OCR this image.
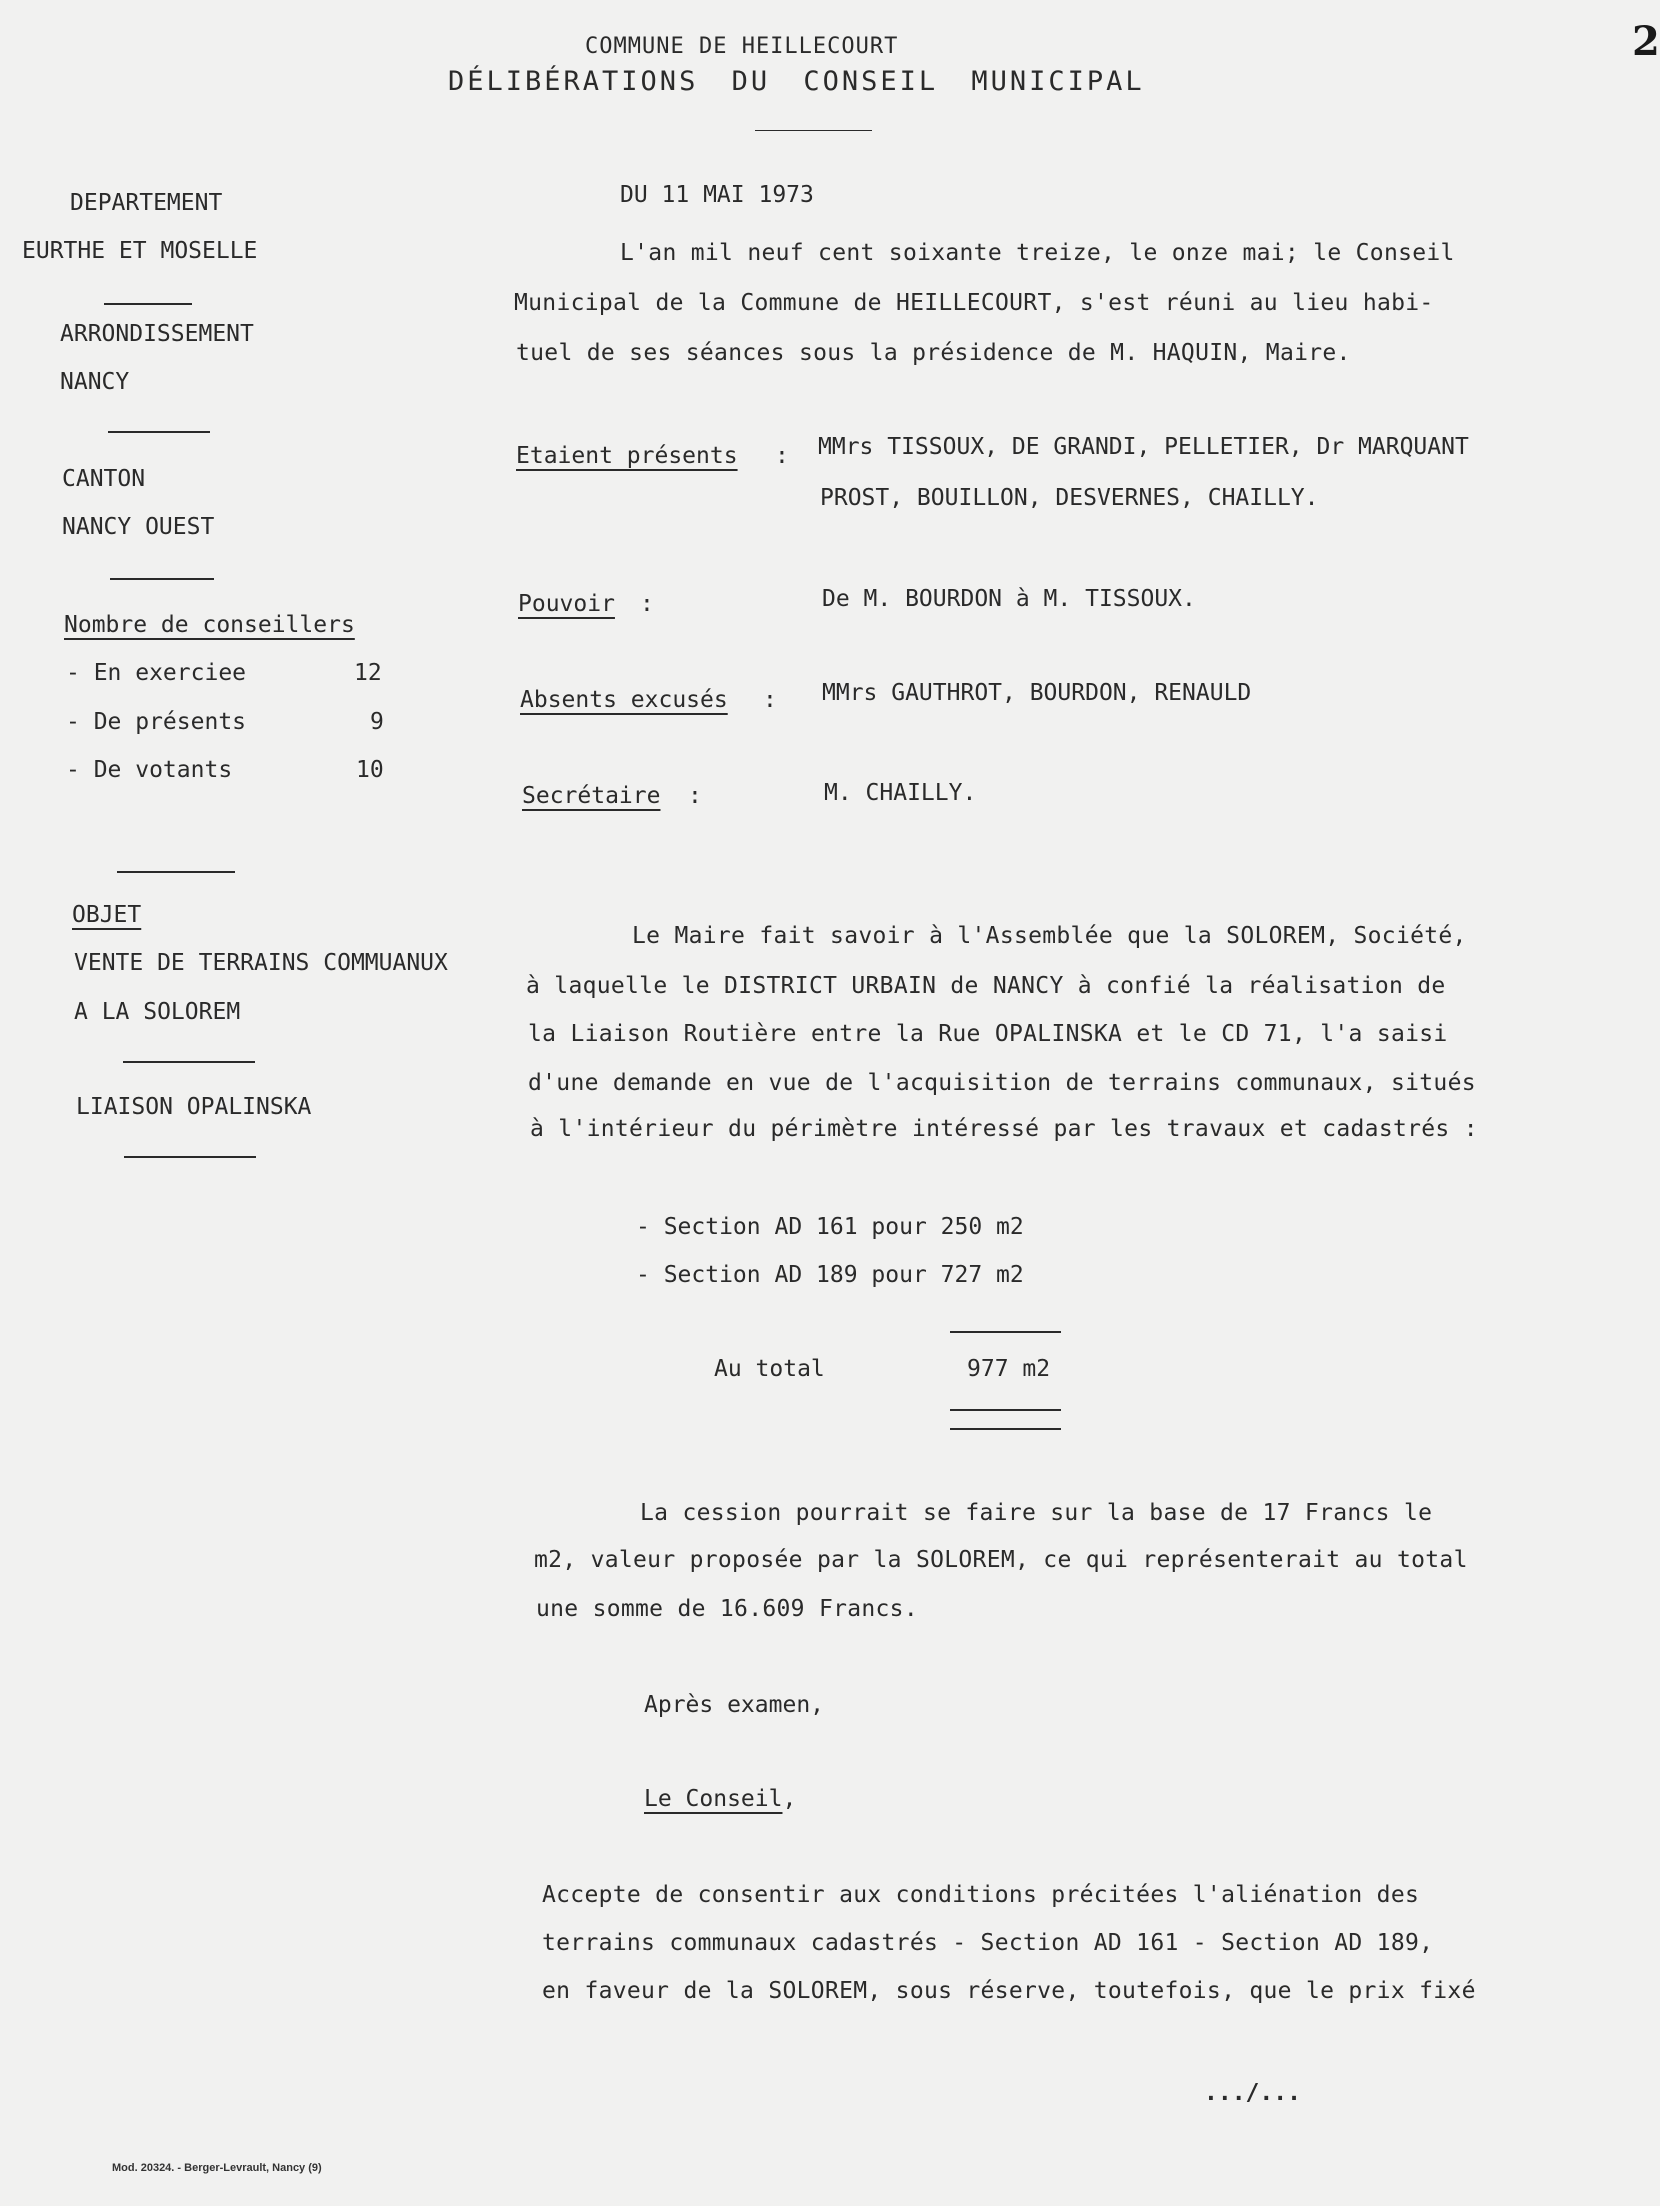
COMMUNE DE HEILLECOURT
DÉLIBÉRATIONS DU CONSEIL MUNICIPAL
2
DEPARTEMENT
EURTHE ET MOSELLE
ARRONDISSEMENT
NANCY
CANTON
NANCY OUEST
Nombre de conseillers
- En exerciee	12
- De présents	9
- De votants	10
OBJET
VENTE DE TERRAINS COMMUANUX
A LA SOLOREM
LIAISON OPALINSKA
DU 11 MAI 1973
L'an mil neuf cent soixante treize, le onze mai; le Conseil
Municipal de la Commune de HEILLECOURT, s'est réuni au lieu habi-
tuel de ses séances sous la présidence de M. HAQUIN, Maire.
Etaient présents : MMrs TISSOUX, DE GRANDI, PELLETIER, Dr MARQUANT
PROST, BOUILLON, DESVERNES, CHAILLY.
Pouvoir :	De M. BOURDON à M. TISSOUX.
Absents excusés : MMrs GAUTHROT, BOURDON, RENAULD
Secrétaire :	M. CHAILLY.
Le Maire fait savoir à l'Assemblée que la SOLOREM, Société,
à laquelle le DISTRICT URBAIN de NANCY à confié la réalisation de
la Liaison Routière entre la Rue OPALINSKA et le CD 71, l'a saisi
d'une demande en vue de l'acquisition de terrains communaux, situés
à l'intérieur du périmètre intéressé par les travaux et cadastrés :
- Section AD 161 pour 250 m2
- Section AD 189 pour 727 m2
Au total	977 m2
La cession pourrait se faire sur la base de 17 Francs le
m2, valeur proposée par la SOLOREM, ce qui représenterait au total
une somme de 16.609 Francs.
Après examen,
Le Conseil,
Accepte de consentir aux conditions précitées l'aliénation des
terrains communaux cadastrés - Section AD 161 - Section AD 189,
en faveur de la SOLOREM, sous réserve, toutefois, que le prix fixé
.../...
Mod. 20324. - Berger-Levrault, Nancy (9)
